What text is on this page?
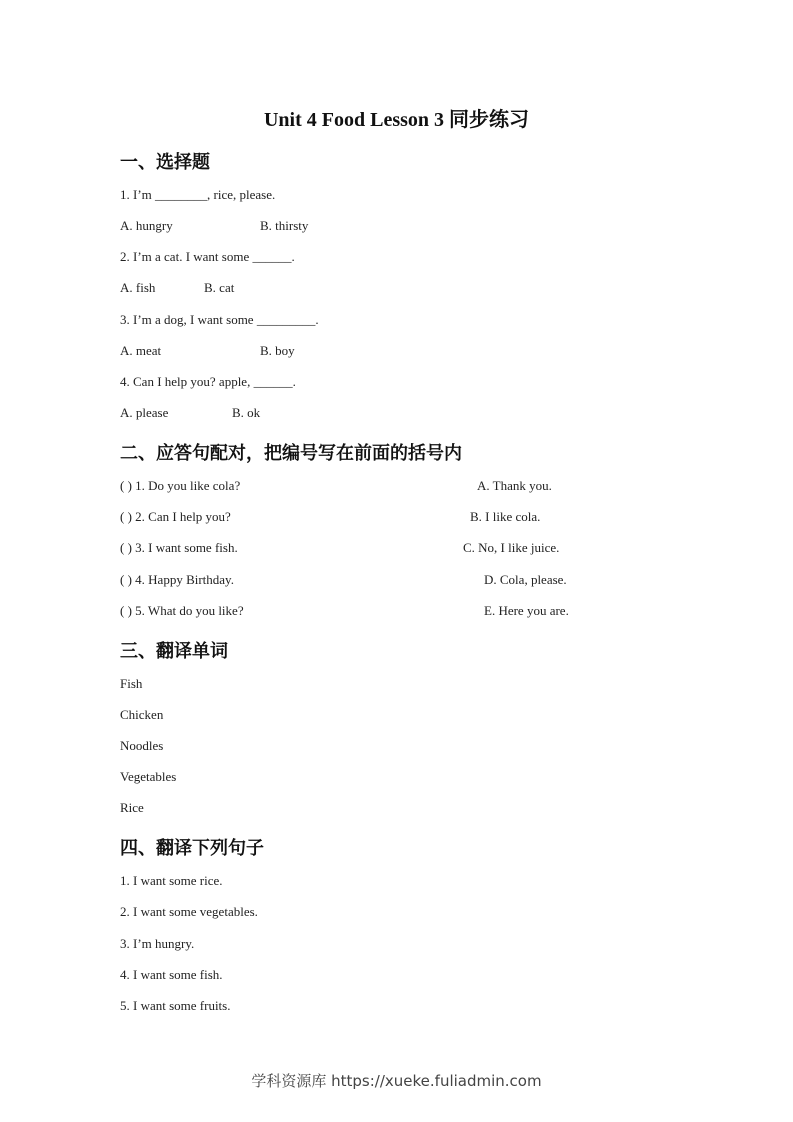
Unit 4 Food Lesson 3 同步练习
一、选择题
1. I’m ________, rice, please.
A. hungry	B. thirsty
2. I’m a cat. I want some ______.
A. fish	B. cat
3. I’m a dog, I want some _________.
A. meat	B. boy
4. Can I help you? apple, ______.
A. please	B. ok
二、应答句配对，把编号写在前面的括号内
( ) 1. Do you like cola?	A. Thank you.
( ) 2. Can I help you?	B. I like cola.
( ) 3. I want some fish.	C. No, I like juice.
( ) 4. Happy Birthday.	D. Cola, please.
( ) 5. What do you like?	E. Here you are.
三、翻译单词
Fish
Chicken
Noodles
Vegetables
Rice
四、翻译下列句子
1. I want some rice.
2. I want some vegetables.
3. I’m hungry.
4. I want some fish.
5. I want some fruits.
学科资源库 https://xueke.fuliadmin.com
